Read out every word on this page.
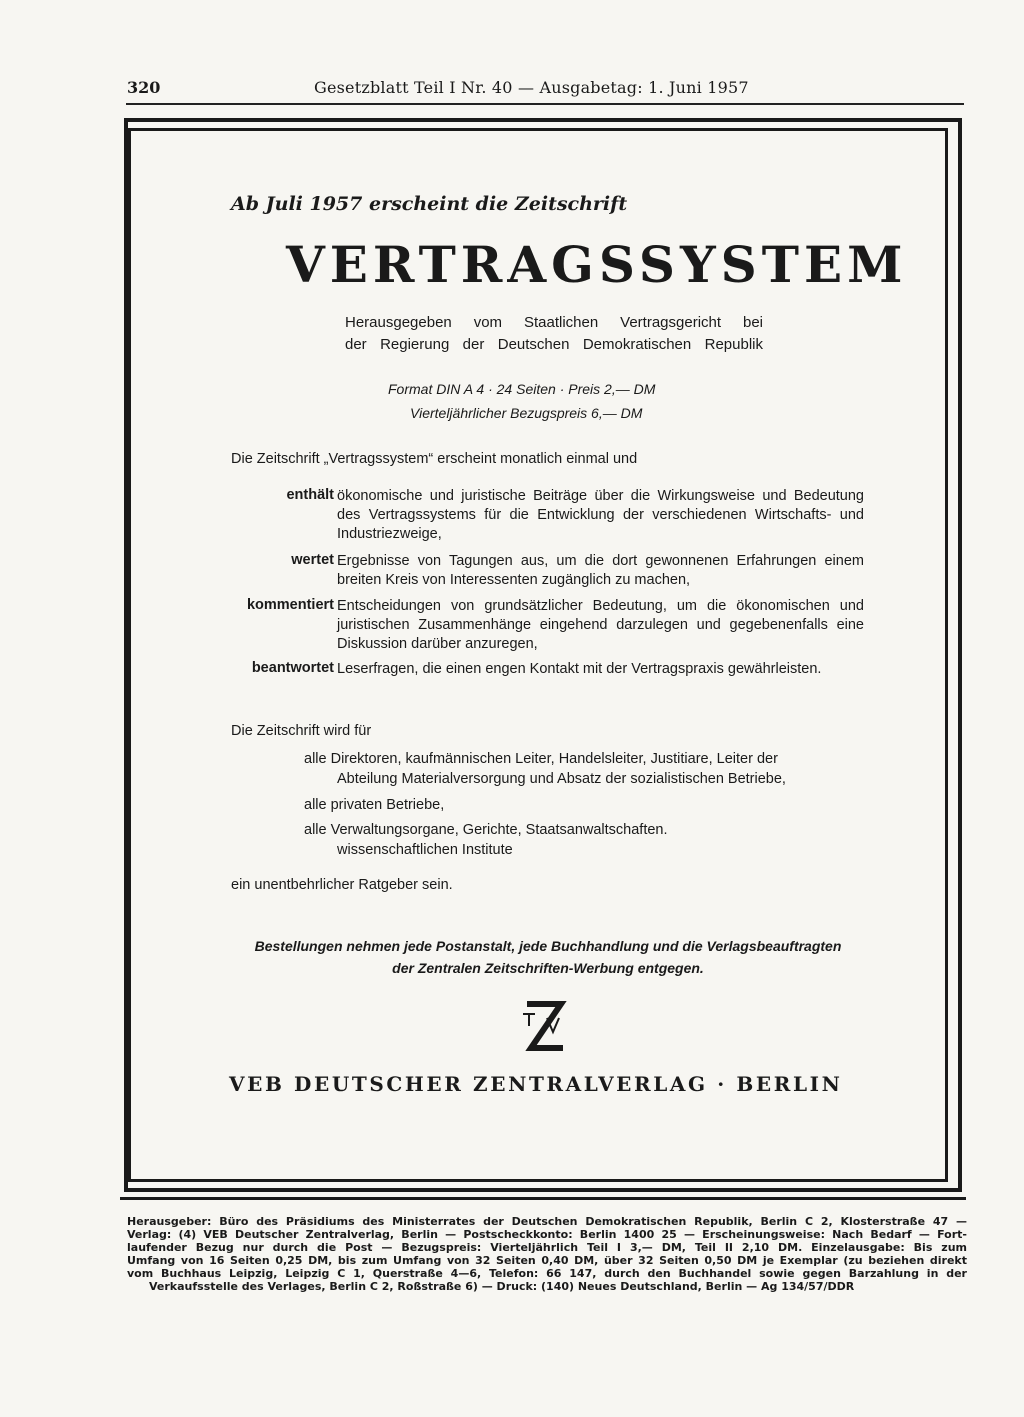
320	Gesetzblatt Teil I Nr. 40 — Ausgabetag: 1. Juni 1957
Ab Juli 1957 erscheint die Zeitschrift
VERTRAGSSYSTEM
Herausgegeben vom Staatlichen Vertragsgericht bei
der Regierung der Deutschen Demokratischen Republik
Format DIN A 4 · 24 Seiten · Preis 2,— DM
Vierteljährlicher Bezugspreis 6,— DM
Die Zeitschrift „Vertragssystem“ erscheint monatlich einmal und
enthält ökonomische und juristische Beiträge über die Wirkungsweise und Bedeutung des Vertragssystems für die Entwicklung der verschiedenen Wirtschafts- und Industriezweige,
wertet Ergebnisse von Tagungen aus, um die dort gewonnenen Erfahrungen einem breiten Kreis von Interessenten zugänglich zu machen,
kommentiert Entscheidungen von grundsätzlicher Bedeutung, um die ökonomischen und juristischen Zusammenhänge eingehend darzulegen und gegebenenfalls eine Diskussion darüber anzuregen,
beantwortet Leserfragen, die einen engen Kontakt mit der Vertragspraxis gewährleisten.
Die Zeitschrift wird für
alle Direktoren, kaufmännischen Leiter, Handelsleiter, Justitiare, Leiter der
Abteilung Materialversorgung und Absatz der sozialistischen Betriebe,
alle privaten Betriebe,
alle Verwaltungsorgane, Gerichte, Staatsanwaltschaften.
wissenschaftlichen Institute
ein unentbehrlicher Ratgeber sein.
Bestellungen nehmen jede Postanstalt, jede Buchhandlung und die Verlagsbeauftragten
der Zentralen Zeitschriften-Werbung entgegen.
VEB DEUTSCHER ZENTRALVERLAG · BERLIN
Herausgeber: Büro des Präsidiums des Ministerrates der Deutschen Demokratischen Republik, Berlin C 2, Klosterstraße 47 —
Verlag: (4) VEB Deutscher Zentralverlag, Berlin — Postscheckkonto: Berlin 1400 25 — Erscheinungsweise: Nach Bedarf — Fort-
laufender Bezug nur durch die Post — Bezugspreis: Vierteljährlich Teil I 3,— DM, Teil II 2,10 DM. Einzelausgabe: Bis zum
Umfang von 16 Seiten 0,25 DM, bis zum Umfang von 32 Seiten 0,40 DM, über 32 Seiten 0,50 DM je Exemplar (zu beziehen direkt
vom Buchhaus Leipzig, Leipzig C 1, Querstraße 4—6, Telefon: 66 147, durch den Buchhandel sowie gegen Barzahlung in der
Verkaufsstelle des Verlages, Berlin C 2, Roßstraße 6) — Druck: (140) Neues Deutschland, Berlin — Ag 134/57/DDR
